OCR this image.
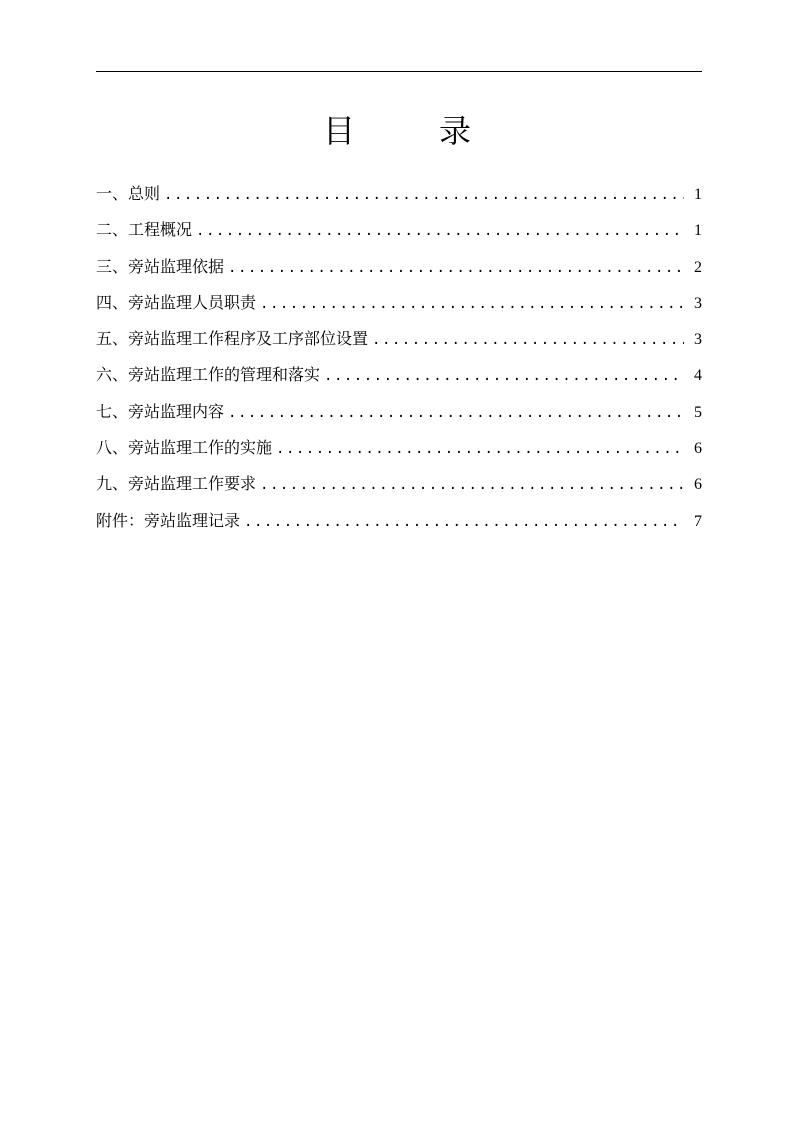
目	录
一、总则 .....	1
二、工程概况 .....	1
三、旁站监理依据 .....	2
四、旁站监理人员职责 .....	3
五、旁站监理工作程序及工序部位设置 .....	3
六、旁站监理工作的管理和落实 .....	4
七、旁站监理内容 .....	5
八、旁站监理工作的实施 .....	6
九、旁站监理工作要求 .....	6
附件：旁站监理记录 .....	7
